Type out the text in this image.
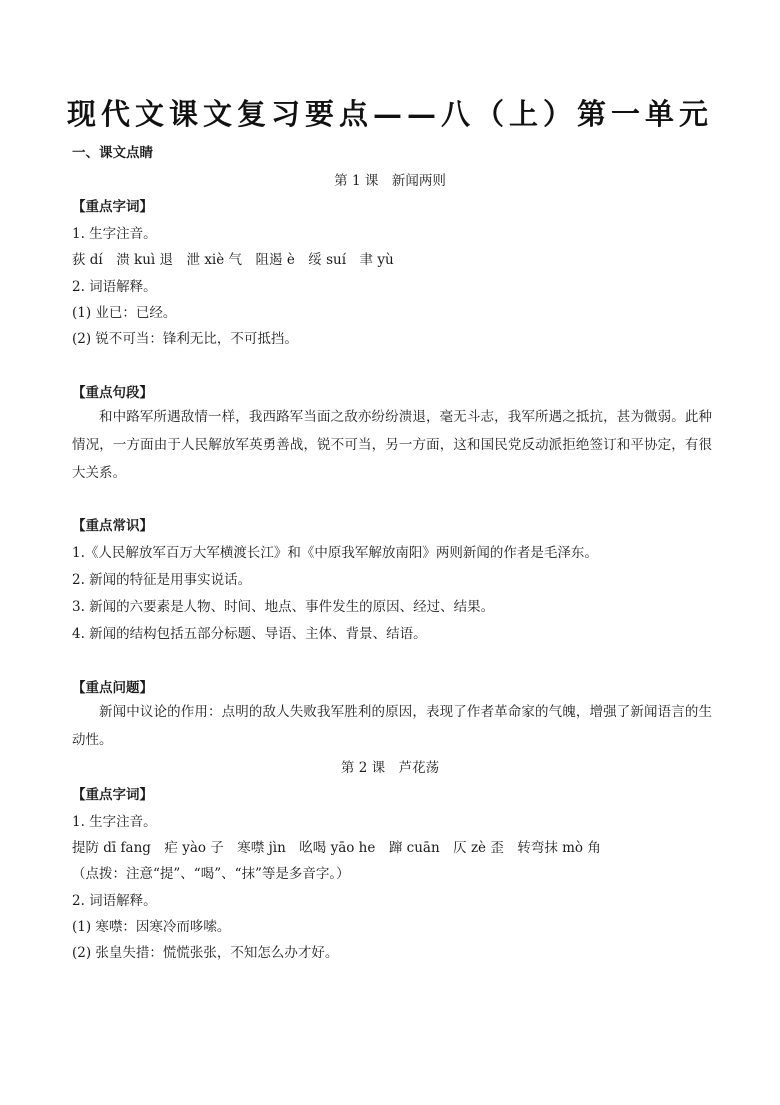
现代文课文复习要点——八（上）第一单元
一、课文点睛
第 1 课　新闻两则
【重点字词】
1. 生字注音。
荻 dí　溃 kuì 退　泄 xiè 气　阻遏 è　绥 suí　聿 yù
2. 词语解释。
(1) 业已：已经。
(2) 锐不可当：锋利无比，不可抵挡。
【重点句段】
和中路军所遇敌情一样，我西路军当面之敌亦纷纷溃退，毫无斗志，我军所遇之抵抗，甚为微弱。此种情况，一方面由于人民解放军英勇善战，锐不可当，另一方面，这和国民党反动派拒绝签订和平协定，有很大关系。
【重点常识】
1.《人民解放军百万大军横渡长江》和《中原我军解放南阳》两则新闻的作者是毛泽东。
2. 新闻的特征是用事实说话。
3. 新闻的六要素是人物、时间、地点、事件发生的原因、经过、结果。
4. 新闻的结构包括五部分标题、导语、主体、背景、结语。
【重点问题】
新闻中议论的作用：点明的敌人失败我军胜利的原因，表现了作者革命家的气魄，增强了新闻语言的生动性。
第 2 课　芦花荡
【重点字词】
1. 生字注音。
提防 dī fang　疟 yào 子　寒噤 jìn　吆喝 yāo he　蹿 cuān　仄 zè 歪　转弯抹 mò 角
（点拨：注意“提”、“喝”、“抹”等是多音字。）
2. 词语解释。
(1) 寒噤：因寒冷而哆嗦。
(2) 张皇失措：慌慌张张，不知怎么办才好。
